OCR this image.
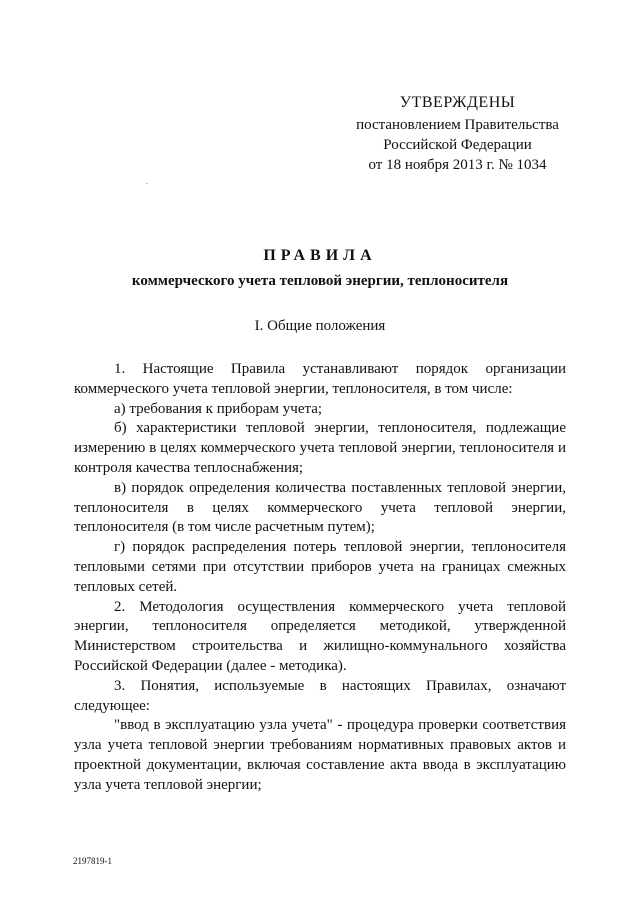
УТВЕРЖДЕНЫ
постановлением Правительства
Российской Федерации
от 18 ноября 2013 г. № 1034
ПРАВИЛА
коммерческого учета тепловой энергии, теплоносителя
I. Общие положения

1. Настоящие Правила устанавливают порядок организации коммерческого учета тепловой энергии, теплоносителя, в том числе:

а) требования к приборам учета;

б) характеристики тепловой энергии, теплоносителя, подлежащие измерению в целях коммерческого учета тепловой энергии, теплоносителя и контроля качества теплоснабжения;

в) порядок определения количества поставленных тепловой энергии, теплоносителя в целях коммерческого учета тепловой энергии, теплоносителя (в том числе расчетным путем);

г) порядок распределения потерь тепловой энергии, теплоносителя тепловыми сетями при отсутствии приборов учета на границах смежных тепловых сетей.

2. Методология осуществления коммерческого учета тепловой энергии, теплоносителя определяется методикой, утвержденной Министерством строительства и жилищно-коммунального хозяйства Российской Федерации (далее - методика).

3. Понятия, используемые в настоящих Правилах, означают следующее:

"ввод в эксплуатацию узла учета" - процедура проверки соответствия узла учета тепловой энергии требованиям нормативных правовых актов и проектной документации, включая составление акта ввода в эксплуатацию узла учета тепловой энергии;

2197819-1
